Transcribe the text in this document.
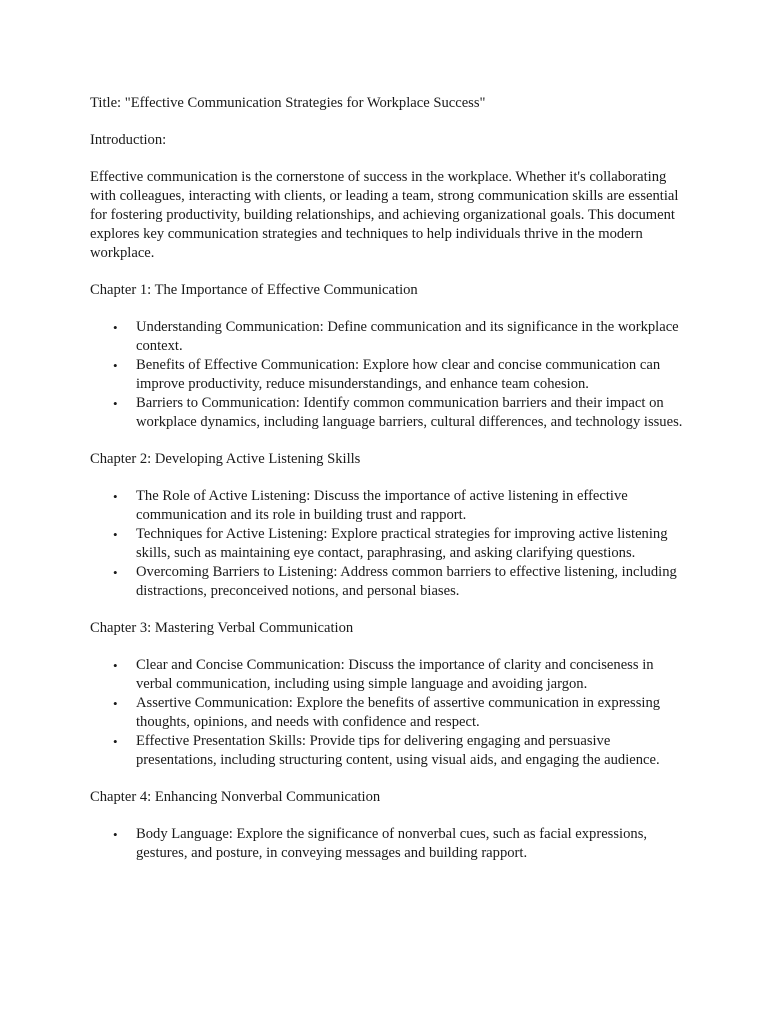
Title: "Effective Communication Strategies for Workplace Success"

Introduction:

Effective communication is the cornerstone of success in the workplace. Whether it's collaborating with colleagues, interacting with clients, or leading a team, strong communication skills are essential for fostering productivity, building relationships, and achieving organizational goals. This document explores key communication strategies and techniques to help individuals thrive in the modern workplace.

Chapter 1: The Importance of Effective Communication

• Understanding Communication: Define communication and its significance in the workplace context.
• Benefits of Effective Communication: Explore how clear and concise communication can improve productivity, reduce misunderstandings, and enhance team cohesion.
• Barriers to Communication: Identify common communication barriers and their impact on workplace dynamics, including language barriers, cultural differences, and technology issues.

Chapter 2: Developing Active Listening Skills

• The Role of Active Listening: Discuss the importance of active listening in effective communication and its role in building trust and rapport.
• Techniques for Active Listening: Explore practical strategies for improving active listening skills, such as maintaining eye contact, paraphrasing, and asking clarifying questions.
• Overcoming Barriers to Listening: Address common barriers to effective listening, including distractions, preconceived notions, and personal biases.

Chapter 3: Mastering Verbal Communication

• Clear and Concise Communication: Discuss the importance of clarity and conciseness in verbal communication, including using simple language and avoiding jargon.
• Assertive Communication: Explore the benefits of assertive communication in expressing thoughts, opinions, and needs with confidence and respect.
• Effective Presentation Skills: Provide tips for delivering engaging and persuasive presentations, including structuring content, using visual aids, and engaging the audience.

Chapter 4: Enhancing Nonverbal Communication

• Body Language: Explore the significance of nonverbal cues, such as facial expressions, gestures, and posture, in conveying messages and building rapport.
